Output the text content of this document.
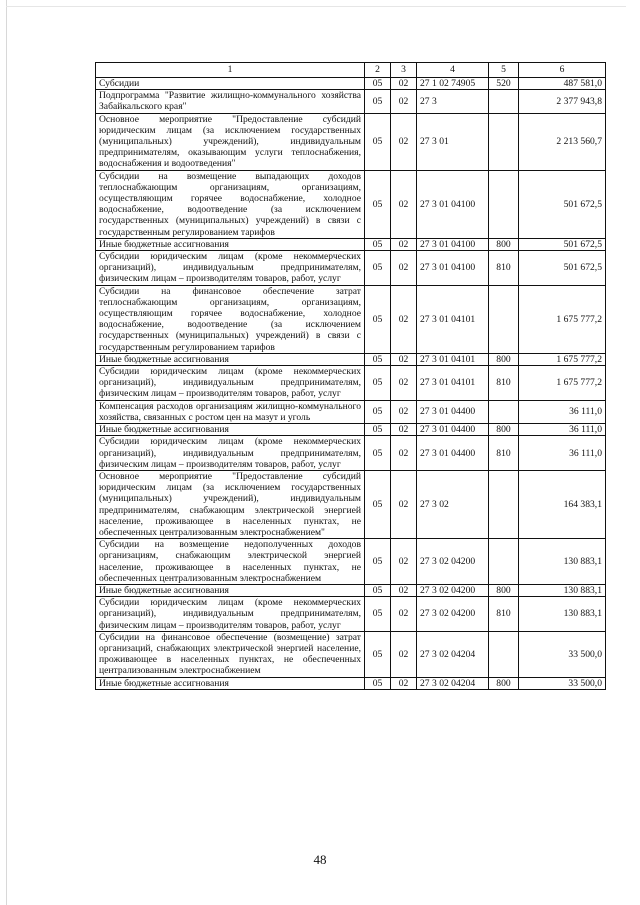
1	2	3	4	5	6
Субсидии	05	02	27 1 02 74905	520	487 581,0
Подпрограмма "Развитие жилищно-коммунального хозяйства Забайкальского края"	05	02	27 3		2 377 943,8
Основное мероприятие "Предоставление субсидий юридическим лицам (за исключением государственных (муниципальных) учреждений), индивидуальным предпринимателям, оказывающим услуги теплоснабжения, водоснабжения и водоотведения"	05	02	27 3 01		2 213 560,7
Субсидии на возмещение выпадающих доходов теплоснабжающим организациям, организациям, осуществляющим горячее водоснабжение, холодное водоснабжение, водоотведение (за исключением государственных (муниципальных) учреждений) в связи с государственным регулированием тарифов	05	02	27 3 01 04100		501 672,5
Иные бюджетные ассигнования	05	02	27 3 01 04100	800	501 672,5
Субсидии юридическим лицам (кроме некоммерческих организаций), индивидуальным предпринимателям, физическим лицам – производителям товаров, работ, услуг	05	02	27 3 01 04100	810	501 672,5
Субсидии на финансовое обеспечение затрат теплоснабжающим организациям, организациям, осуществляющим горячее водоснабжение, холодное водоснабжение, водоотведение (за исключением государственных (муниципальных) учреждений) в связи с государственным регулированием тарифов	05	02	27 3 01 04101		1 675 777,2
Иные бюджетные ассигнования	05	02	27 3 01 04101	800	1 675 777,2
Субсидии юридическим лицам (кроме некоммерческих организаций), индивидуальным предпринимателям, физическим лицам – производителям товаров, работ, услуг	05	02	27 3 01 04101	810	1 675 777,2
Компенсация расходов организациям жилищно-коммунального хозяйства, связанных с ростом цен на мазут и уголь	05	02	27 3 01 04400		36 111,0
Иные бюджетные ассигнования	05	02	27 3 01 04400	800	36 111,0
Субсидии юридическим лицам (кроме некоммерческих организаций), индивидуальным предпринимателям, физическим лицам – производителям товаров, работ, услуг	05	02	27 3 01 04400	810	36 111,0
Основное мероприятие "Предоставление субсидий юридическим лицам (за исключением государственных (муниципальных) учреждений), индивидуальным предпринимателям, снабжающим электрической энергией население, проживающее в населенных пунктах, не обеспеченных централизованным электроснабжением"	05	02	27 3 02		164 383,1
Субсидии на возмещение недополученных доходов организациям, снабжающим электрической энергией население, проживающее в населенных пунктах, не обеспеченных централизованным электроснабжением	05	02	27 3 02 04200		130 883,1
Иные бюджетные ассигнования	05	02	27 3 02 04200	800	130 883,1
Субсидии юридическим лицам (кроме некоммерческих организаций), индивидуальным предпринимателям, физическим лицам – производителям товаров, работ, услуг	05	02	27 3 02 04200	810	130 883,1
Субсидии на финансовое обеспечение (возмещение) затрат организаций, снабжающих электрической энергией население, проживающее в населенных пунктах, не обеспеченных централизованным электроснабжением	05	02	27 3 02 04204		33 500,0
Иные бюджетные ассигнования	05	02	27 3 02 04204	800	33 500,0
48
